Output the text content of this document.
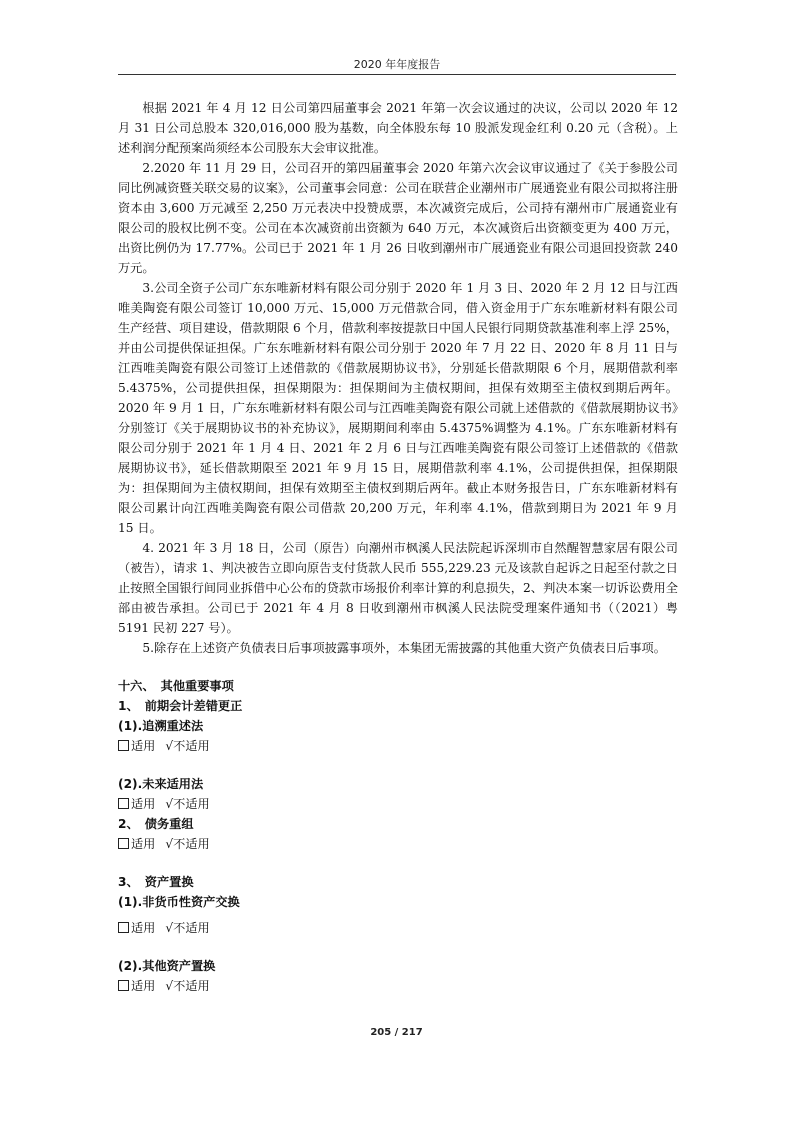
2020 年年度报告

根据 2021 年 4 月 12 日公司第四届董事会 2021 年第一次会议通过的决议，公司以 2020 年 12 月 31 日公司总股本 320,016,000 股为基数，向全体股东每 10 股派发现金红利 0.20 元（含税）。上述利润分配预案尚须经本公司股东大会审议批准。

2.2020 年 11 月 29 日，公司召开的第四届董事会 2020 年第六次会议审议通过了《关于参股公司同比例减资暨关联交易的议案》，公司董事会同意：公司在联营企业潮州市广展通瓷业有限公司拟将注册资本由 3,600 万元减至 2,250 万元表决中投赞成票，本次减资完成后，公司持有潮州市广展通瓷业有限公司的股权比例不变。公司在本次减资前出资额为 640 万元，本次减资后出资额变更为 400 万元，出资比例仍为 17.77%。公司已于 2021 年 1 月 26 日收到潮州市广展通瓷业有限公司退回投资款 240 万元。

3.公司全资子公司广东东唯新材料有限公司分别于 2020 年 1 月 3 日、2020 年 2 月 12 日与江西唯美陶瓷有限公司签订 10,000 万元、15,000 万元借款合同，借入资金用于广东东唯新材料有限公司生产经营、项目建设，借款期限 6 个月，借款利率按提款日中国人民银行同期贷款基准利率上浮 25%，并由公司提供保证担保。广东东唯新材料有限公司分别于 2020 年 7 月 22 日、2020 年 8 月 11 日与江西唯美陶瓷有限公司签订上述借款的《借款展期协议书》，分别延长借款期限 6 个月，展期借款利率 5.4375%，公司提供担保，担保期限为：担保期间为主债权期间，担保有效期至主债权到期后两年。2020 年 9 月 1 日，广东东唯新材料有限公司与江西唯美陶瓷有限公司就上述借款的《借款展期协议书》分别签订《关于展期协议书的补充协议》，展期期间利率由 5.4375%调整为 4.1%。广东东唯新材料有限公司分别于 2021 年 1 月 4 日、2021 年 2 月 6 日与江西唯美陶瓷有限公司签订上述借款的《借款展期协议书》，延长借款期限至 2021 年 9 月 15 日，展期借款利率 4.1%，公司提供担保，担保期限为：担保期间为主债权期间，担保有效期至主债权到期后两年。截止本财务报告日，广东东唯新材料有限公司累计向江西唯美陶瓷有限公司借款 20,200 万元，年利率 4.1%，借款到期日为 2021 年 9 月 15 日。

4. 2021 年 3 月 18 日，公司（原告）向潮州市枫溪人民法院起诉深圳市自然醒智慧家居有限公司（被告），请求 1、判决被告立即向原告支付货款人民币 555,229.23 元及该款自起诉之日起至付款之日止按照全国银行间同业拆借中心公布的贷款市场报价利率计算的利息损失，2、判决本案一切诉讼费用全部由被告承担。公司已于 2021 年 4 月 8 日收到潮州市枫溪人民法院受理案件通知书（（2021）粤 5191 民初 227 号）。

5.除存在上述资产负债表日后事项披露事项外，本集团无需披露的其他重大资产负债表日后事项。

十六、　其他重要事项

1、　前期会计差错更正

(1).追溯重述法

适用 √不适用

(2).未来适用法

适用 √不适用

2、　债务重组

适用 √不适用

3、　资产置换

(1).非货币性资产交换

适用 √不适用

(2).其他资产置换

适用 √不适用

205 / 217
